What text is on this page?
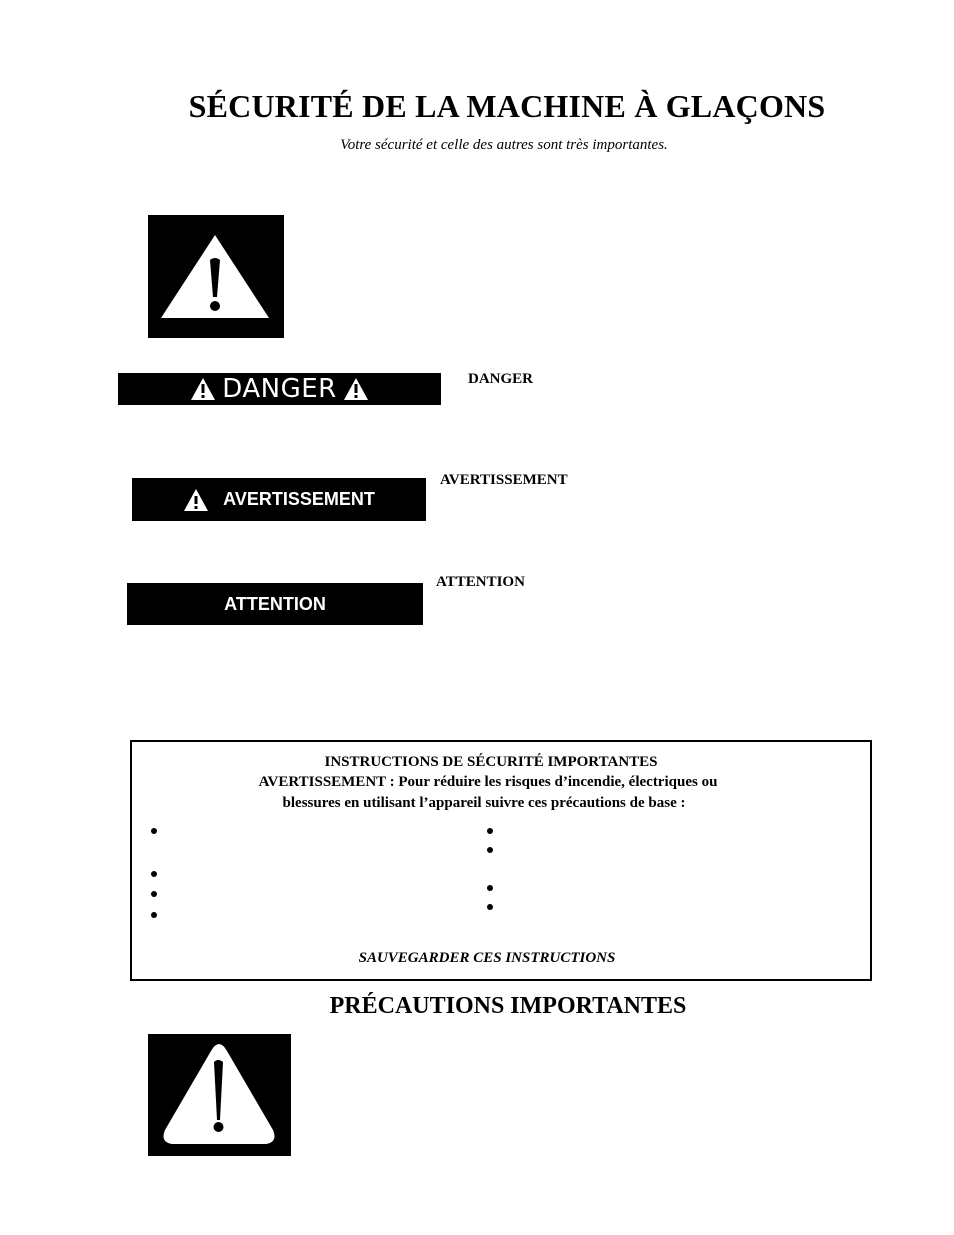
SÉCURITÉ DE LA MACHINE À GLAÇONS
Votre sécurité et celle des autres sont très importantes.
DANGER	DANGER
AVERTISSEMENT
AVERTISSEMENT
ATTENTION
ATTENTION
INSTRUCTIONS DE SÉCURITÉ IMPORTANTES
AVERTISSEMENT : Pour réduire les risques d’incendie, électriques ou
blessures en utilisant l’appareil suivre ces précautions de base :
SAUVEGARDER CES INSTRUCTIONS
PRÉCAUTIONS IMPORTANTES
